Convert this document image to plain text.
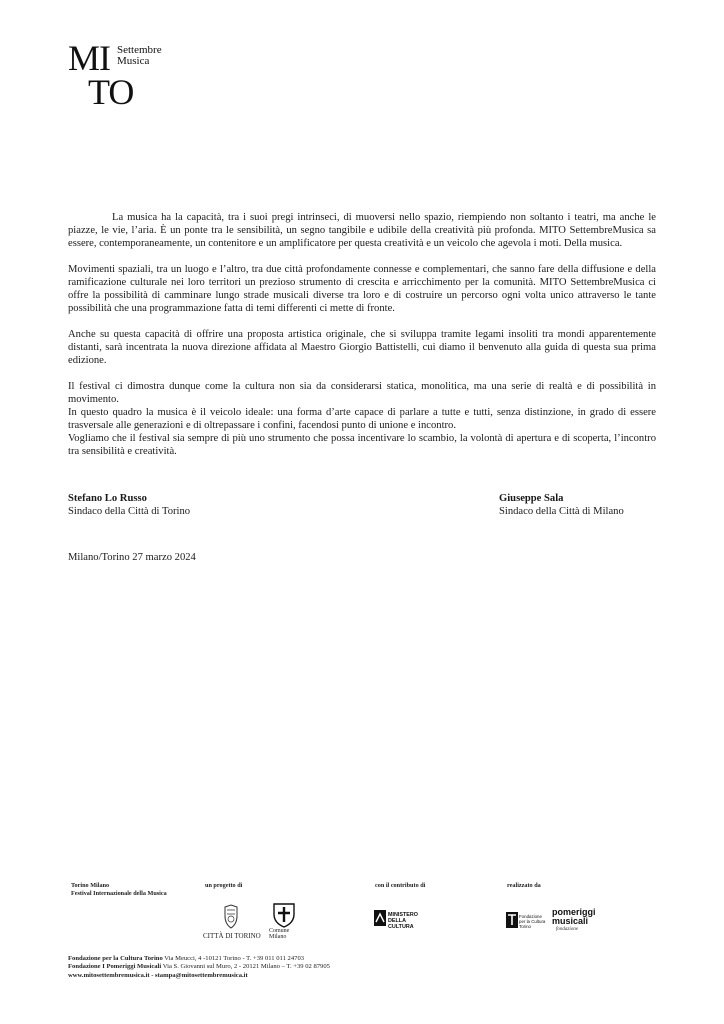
MI
TO
Settembre
Musica

La musica ha la capacità, tra i suoi pregi intrinseci, di muoversi nello spazio, riempiendo non soltanto i teatri, ma anche le piazze, le vie, l’aria. È un ponte tra le sensibilità, un segno tangibile e udibile della creatività più profonda. MITO SettembreMusica sa essere, contemporaneamente, un contenitore e un amplificatore per questa creatività e un veicolo che agevola i moti. Della musica.

Movimenti spaziali, tra un luogo e l’altro, tra due città profondamente connesse e complementari, che sanno fare della diffusione e della ramificazione culturale nei loro territori un prezioso strumento di crescita e arricchimento per la comunità. MITO SettembreMusica ci offre la possibilità di camminare lungo strade musicali diverse tra loro e di costruire un percorso ogni volta unico attraverso le tante possibilità che una programmazione fatta di temi differenti ci mette di fronte.

Anche su questa capacità di offrire una proposta artistica originale, che si sviluppa tramite legami insoliti tra mondi apparentemente distanti, sarà incentrata la nuova direzione affidata al Maestro Giorgio Battistelli, cui diamo il benvenuto alla guida di questa sua prima edizione.

Il festival ci dimostra dunque come la cultura non sia da considerarsi statica, monolitica, ma una serie di realtà e di possibilità in movimento.

In questo quadro la musica è il veicolo ideale: una forma d’arte capace di parlare a tutte e tutti, senza distinzione, in grado di essere trasversale alle generazioni e di oltrepassare i confini, facendosi punto di unione e incontro.

Vogliamo che il festival sia sempre di più uno strumento che possa incentivare lo scambio, la volontà di apertura e di scoperta, l’incontro tra sensibilità e creatività.

Stefano Lo Russo
Sindaco della Città di Torino
Giuseppe Sala
Sindaco della Città di Milano
Milano/Torino 27 marzo 2024
Torino Milano
Festival Internazionale della Musica
un progetto di	con il contributo di	realizzato da
CITTÀ DI TORINO
Comune
Milano
MINISTERO
DELLA
CULTURA
Fondazione
per la Cultura
Torino
pomeriggi
musicali
fondazione
Fondazione per la Cultura Torino Via Meucci, 4 -10121 Torino - T. +39 011 011 24703
Fondazione I Pomeriggi Musicali Via S. Giovanni sul Muro, 2 - 20121 Milano – T. +39 02 87905
www.mitosettembremusica.it - stampa@mitosettembremusica.it
